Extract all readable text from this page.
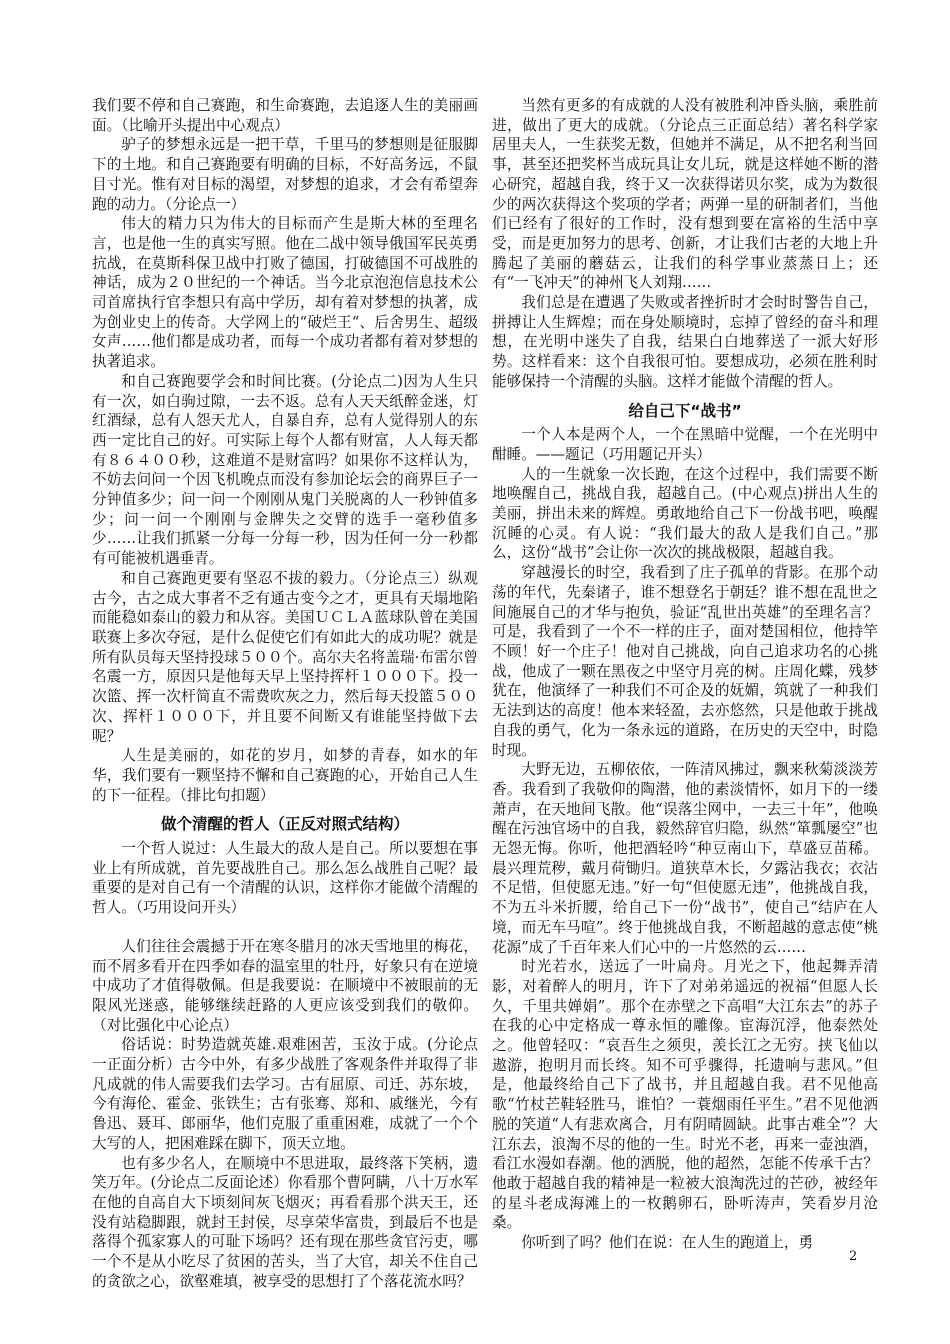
我们要不停和自己赛跑，和生命赛跑，去追逐人生的美丽画面。（比喻开头提出中心观点）

驴子的梦想永远是一把干草，千里马的梦想则是征服脚下的土地。和自己赛跑要有明确的目标，不好高务远，不鼠目寸光。惟有对目标的渴望，对梦想的追求，才会有希望奔跑的动力。（分论点一）

伟大的精力只为伟大的目标而产生是斯大林的至理名言，也是他一生的真实写照。他在二战中领导俄国军民英勇抗战，在莫斯科保卫战中打败了德国，打破德国不可战胜的神话，成为２０世纪的一个神话。当今北京泡泡信息技术公司首席执行官李想只有高中学历，却有着对梦想的执著，成为创业史上的传奇。大学网上的“破烂王“、后舍男生、超级女声……他们都是成功者，而每一个成功者都有着对梦想的执著追求。

和自己赛跑要学会和时间比赛。(分论点二)因为人生只有一次，如白驹过隙，一去不返。总有人天天纸醉金迷，灯红酒绿，总有人怨天尤人，自暴自弃，总有人觉得别人的东西一定比自己的好。可实际上每个人都有财富，人人每天都有８６４００秒，这难道不是财富吗？如果你不这样认为，不妨去问问一个因飞机晚点而没有参加论坛会的商界巨子一分钟值多少；问一问一个刚刚从鬼门关脱离的人一秒钟值多少；问一问一个刚刚与金牌失之交臂的选手一毫秒值多少……让我们抓紧一分每一分每一秒，因为任何一分一秒都有可能被机遇垂青。

和自己赛跑更要有坚忍不拔的毅力。（分论点三）纵观古今，古之成大事者不乏有通古变今之才，更具有天塌地陷而能稳如泰山的毅力和从容。美国ＵＣＬＡ蓝球队曾在美国联赛上多次夺冠，是什么促使它们有如此大的成功呢？就是所有队员每天坚持投球５００个。高尔夫名将盖瑞·布雷尔曾名震一方，原因只是他每天早上坚持挥杆１０００下。投一次篮、挥一次杆简直不需费吹灰之力，然后每天投篮５００次、挥杆１０００下，并且要不间断又有谁能坚持做下去呢？

人生是美丽的，如花的岁月，如梦的青春，如水的年华，我们要有一颗坚持不懈和自己赛跑的心，开始自己人生的下一征程。（排比句扣题）

做个清醒的哲人（正反对照式结构）

一个哲人说过：人生最大的敌人是自己。所以要想在事业上有所成就，首先要战胜自己。那么怎么战胜自己呢？最重要的是对自己有一个清醒的认识，这样你才能做个清醒的哲人。（巧用设问开头）

人们往往会震撼于开在寒冬腊月的冰天雪地里的梅花，而不屑多看开在四季如春的温室里的牡丹，好象只有在逆境中成功了才值得敬佩。但是我要说：在顺境中不被眼前的无限风光迷惑，能够继续赶路的人更应该受到我们的敬仰。（对比强化中心论点）

俗话说：时势造就英雄.艰难困苦，玉汝于成。(分论点一正面分析）古今中外，有多少战胜了客观条件并取得了非凡成就的伟人需要我们去学习。古有屈原、司迁、苏东坡，今有海伦、霍金、张铁生；古有张骞、郑和、戚继光，今有鲁迅、聂耳、郎丽华，他们克服了重重困难，成就了一个个大写的人，把困难踩在脚下，顶天立地。

也有多少名人，在顺境中不思进取，最终落下笑柄，遗笑万年。(分论点二反面论述）你看那个曹阿瞒，八十万水军在他的自高自大下顷刻间灰飞烟灭；再看看那个洪天王，还没有站稳脚跟，就封王封侯，尽享荣华富贵，到最后不也是落得个孤家寡人的可耻下场吗？还有现在那些贪官污吏，哪一个不是从小吃尽了贫困的苦头，当了大官，却关不住自己的贪欲之心，欲壑难填，被享受的思想打了个落花流水吗？

当然有更多的有成就的人没有被胜利冲昏头脑，乘胜前进，做出了更大的成就。（分论点三正面总结）著名科学家居里夫人，一生获奖无数，但她并不满足，从不把名利当回事，甚至还把奖杯当成玩具让女儿玩，就是这样她不断的潜心研究，超越自我，终于又一次获得诺贝尔奖，成为为数很少的两次获得这个奖项的学者；两弹一星的研制者们，当他们已经有了很好的工作时，没有想到要在富裕的生活中享受，而是更加努力的思考、创新，才让我们古老的大地上升腾起了美丽的蘑菇云，让我们的科学事业蒸蒸日上；还有“一飞冲天”的神州飞人刘翔……

我们总是在遭遇了失败或者挫折时才会时时警告自己，拼搏让人生辉煌；而在身处顺境时，忘掉了曾经的奋斗和理想，在光明中迷失了自我，结果白白地葬送了一派大好形势。这样看来：这个自我很可怕。要想成功，必须在胜利时能够保持一个清醒的头脑。这样才能做个清醒的哲人。

给自己下“战书”

一个人本是两个人，一个在黑暗中觉醒，一个在光明中酣睡。——题记（巧用题记开头）

人的一生就象一次长跑，在这个过程中，我们需要不断地唤醒自己，挑战自我，超越自己。(中心观点)拼出人生的美丽，拼出未来的辉煌。勇敢地给自己下一份战书吧，唤醒沉睡的心灵。有人说：“我们最大的敌人是我们自己。”那么，这份“战书”会让你一次次的挑战极限，超越自我。

穿越漫长的时空，我看到了庄子孤单的背影。在那个动荡的年代，先秦诸子，谁不想登名于朝廷？谁不想在乱世之间施展自己的才华与抱负，验证“乱世出英雄”的至理名言？可是，我看到了一个不一样的庄子，面对楚国相位，他持竿不顾！好一个庄子！他对自己挑战，向自己追求功名的心挑战，他成了一颗在黑夜之中坚守月亮的树。庄周化蝶，残梦犹在，他演绎了一种我们不可企及的妩媚，筑就了一种我们无法到达的高度！他本来轻盈，去亦悠然，只是他敢于挑战自我的勇气，化为一条永远的道路，在历史的天空中，时隐时现。

大野无边，五柳依依，一阵清风拂过，飘来秋菊淡淡芳香。我看到了我敬仰的陶潜，他的素淡情怀，如月下的一缕萧声，在天地间飞散。他“误落尘网中，一去三十年”，他唤醒在污浊官场中的自我，毅然辞官归隐，纵然“箪瓢屡空”也无怨无悔。你听，他把酒轻吟“种豆南山下，草盛豆苗稀。晨兴理荒秽，戴月荷锄归。道狭草木长，夕露沾我衣；衣沾不足惜，但使愿无违。”好一句“但使愿无违”，他挑战自我，不为五斗米折腰，给自己下一份“战书”，使自己“结庐在人境，而无车马喧”。终于他挑战自我，不断超越的意志使“桃花源”成了千百年来人们心中的一片悠然的云……

时光若水，送远了一叶扁舟。月光之下，他起舞弄清影，对着醉人的明月，许下了对弟弟遥远的祝福“但愿人长久，千里共婵娟”。那个在赤壁之下高唱“大江东去”的苏子在我的心中定格成一尊永恒的雕像。宦海沉浮，他泰然处之。他曾轻叹：“哀吾生之须臾，羡长江之无穷。挟飞仙以遨游，抱明月而长终。知不可乎骤得，托遗响与悲风。”但是，他最终给自己下了战书，并且超越自我。君不见他高歌“竹杖芒鞋轻胜马，谁怕？一蓑烟雨任平生。”君不见他洒脱的笑道“人有悲欢离合，月有阴晴圆缺。此事古难全”？大江东去，浪淘不尽的他的一生。时光不老，再来一壶浊酒，看江水漫如春潮。他的洒脱，他的超然，怎能不传承千古？他敢于超越自我的精神是一粒被大浪淘洗过的芒砂，被经年的星斗老成海滩上的一枚鹅卵石，卧听涛声，笑看岁月沧桑。

你听到了吗？他们在说：在人生的跑道上，勇

2
